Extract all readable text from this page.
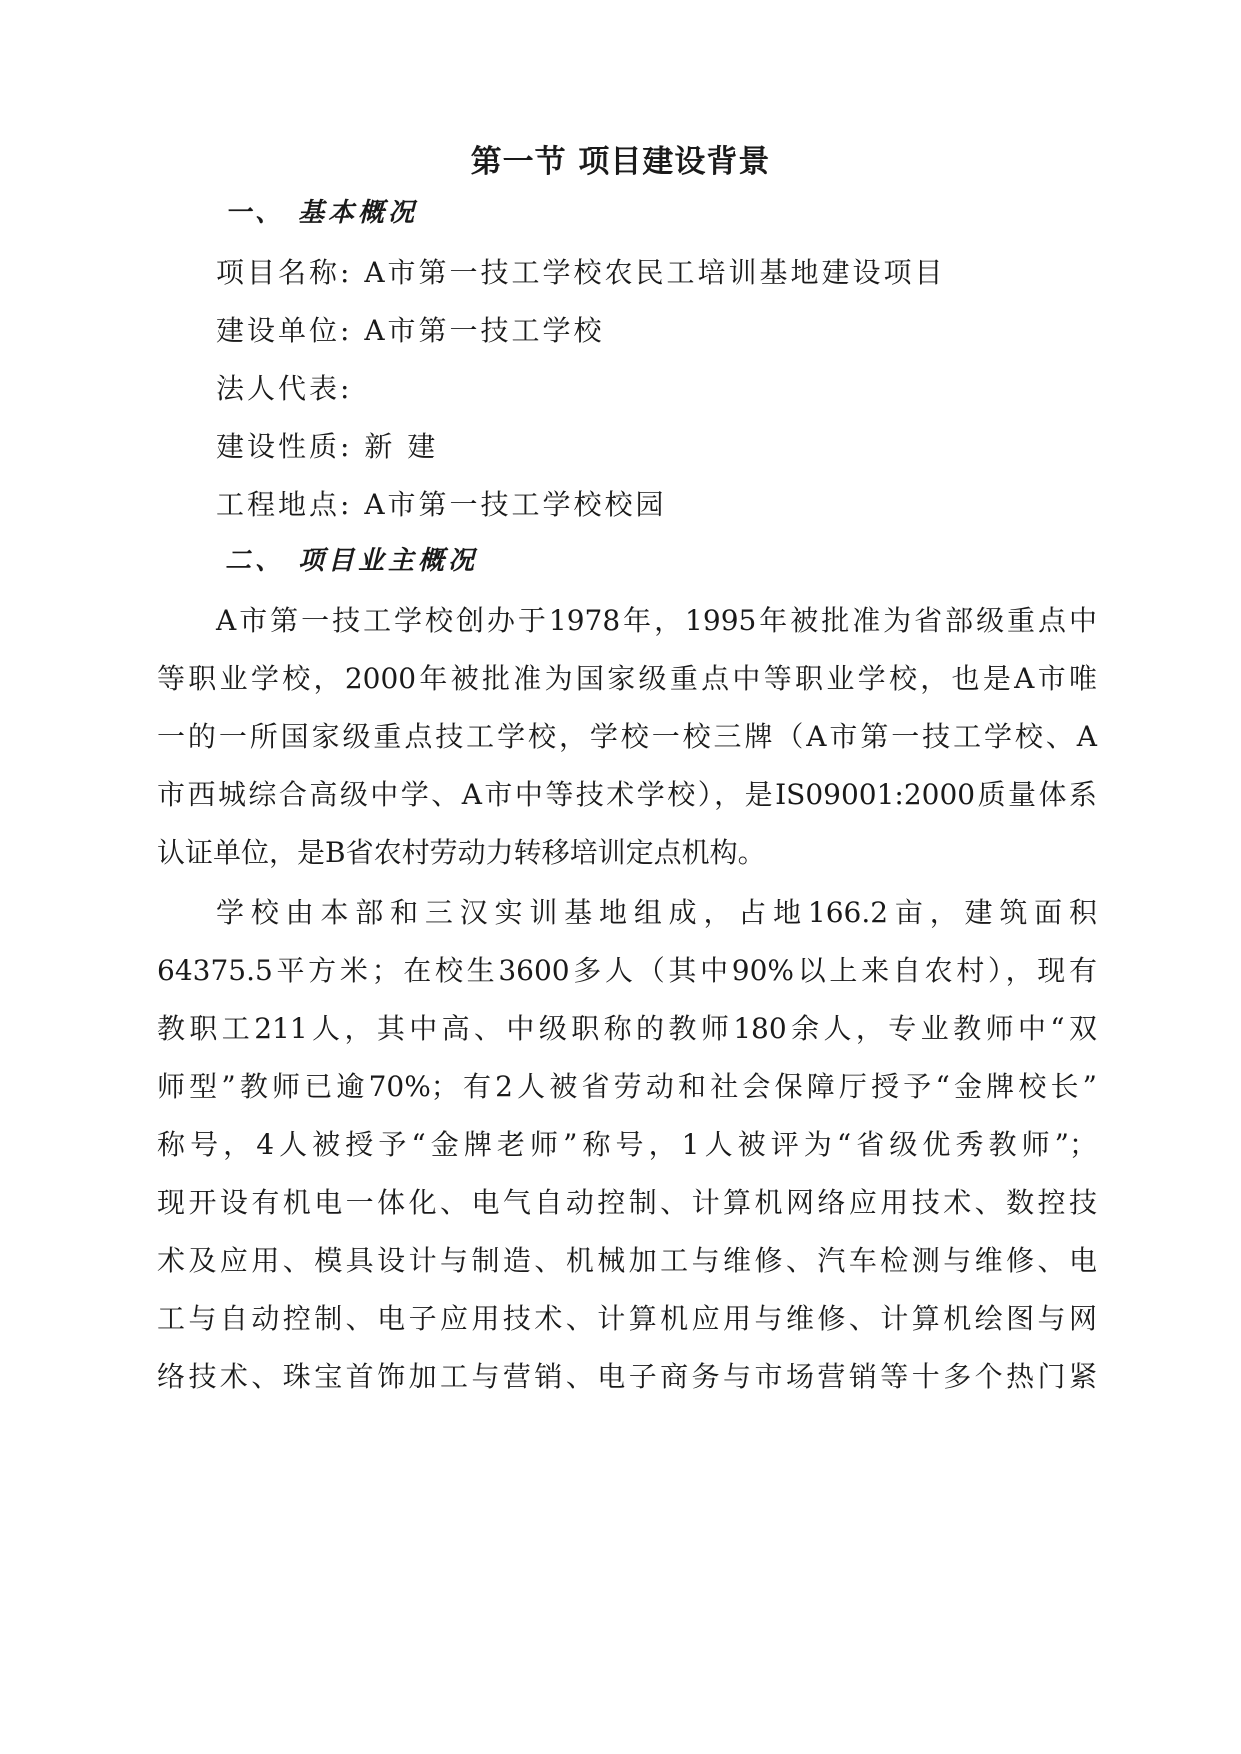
第一节 项目建设背景
一、 基本概况
项目名称: A市第一技工学校农民工培训基地建设项目
建设单位: A市第一技工学校
法人代表:
建设性质: 新 建
工程地点: A市第一技工学校校园
二、 项目业主概况
A市第一技工学校创办于1978年，1995年被批准为省部级重点中
等职业学校，2000年被批准为国家级重点中等职业学校，也是A市唯
一的一所国家级重点技工学校，学校一校三牌（A市第一技工学校、A
市西城综合高级中学、A市中等技术学校），是IS09001:2000质量体系
认证单位，是B省农村劳动力转移培训定点机构。
学校由本部和三汉实训基地组成，占地166.2亩，建筑面积
64375.5平方米；在校生3600多人（其中90%以上来自农村），现有
教职工211人，其中高、中级职称的教师180余人，专业教师中“双
师型”教师已逾70%；有2人被省劳动和社会保障厅授予“金牌校长”
称号，4人被授予“金牌老师”称号，1人被评为“省级优秀教师”；
现开设有机电一体化、电气自动控制、计算机网络应用技术、数控技
术及应用、模具设计与制造、机械加工与维修、汽车检测与维修、电
工与自动控制、电子应用技术、计算机应用与维修、计算机绘图与网
络技术、珠宝首饰加工与营销、电子商务与市场营销等十多个热门紧
